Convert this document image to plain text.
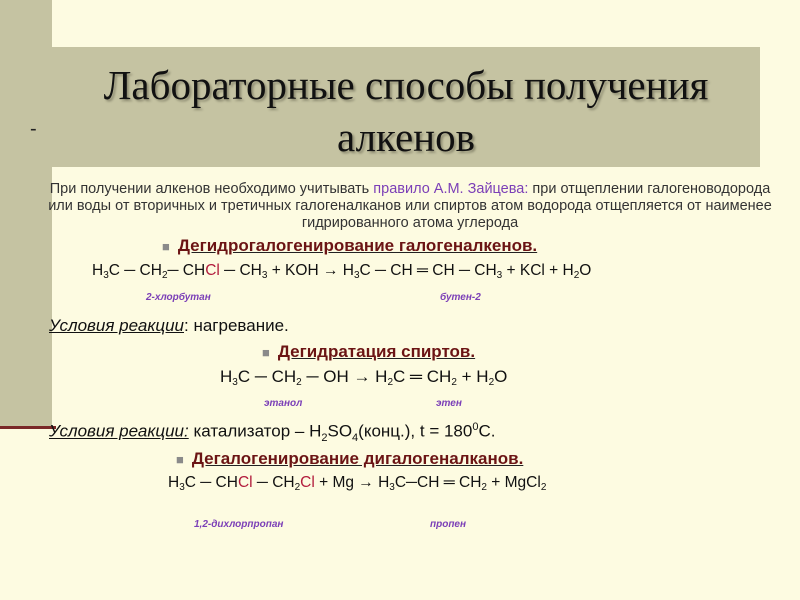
Лабораторные способы получения
алкенов
-
При получении алкенов необходимо учитывать правило А.М. Зайцева: при отщеплении галогеноводорода или воды от вторичных и третичных галогеналканов или спиртов атом водорода отщепляется от наименее гидрированного атома углерода
■ Дегидрогалогенирование галогеналкенов.
$H_3C$ ─ $CH_2─$ CHCl ─ $CH_3$ + KOH → $H_3C$ ─ CH ═ CH ─ $CH_3$ + KCl + $H_2O$
2-хлорбутан	бутен-2
Условия реакции: нагревание.
■ Дегидратация спиртов.
$H_3C$ ─ $CH_2$ ─ OH → $H_2C$ ═ $CH_2 + H_2O$
этанол	этен
Условия реакции: катализатор – $H_2SO_4(конц.)$, $t = 180^0C$.
■ Дегалогенирование дигалогеналканов.
$H_3C$ ─ CHCl ─ $CH_2Cl + Mg$ → $H_3C─CH$ ═ $CH_2$ + MgCl$_2$
1,2-дихлорпропан	пропен
